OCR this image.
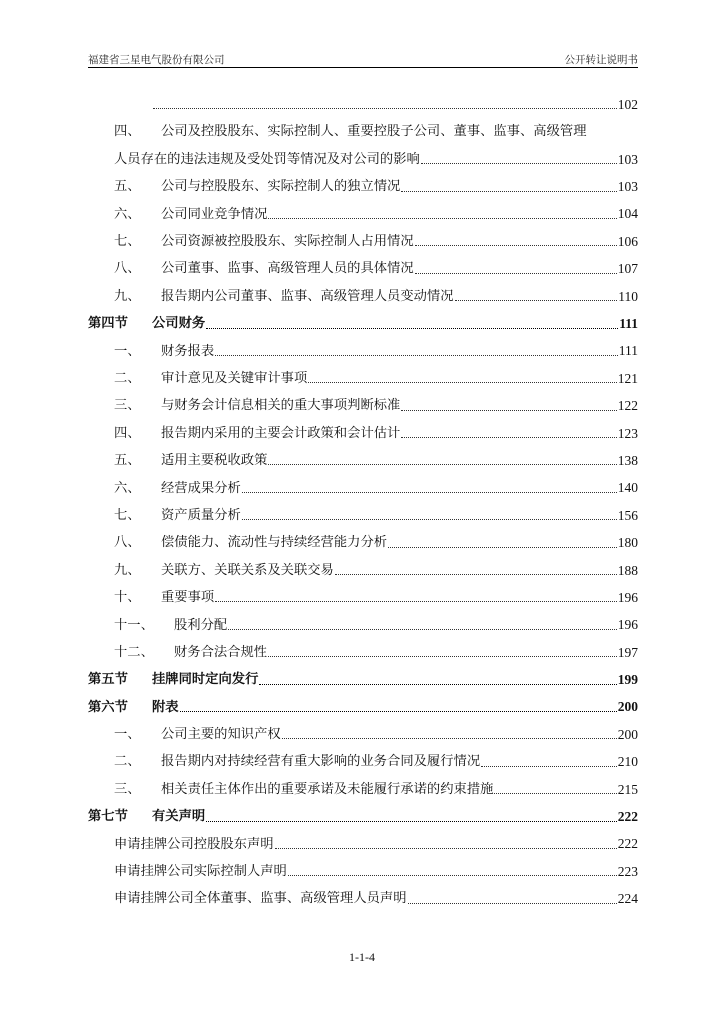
福建省三星电气股份有限公司	公开转让说明书
102
四、	公司及控股股东、实际控制人、重要控股子公司、董事、监事、高级管理
人员存在的违法违规及受处罚等情况及对公司的影响	103
五、	公司与控股股东、实际控制人的独立情况	103
六、	公司同业竞争情况	104
七、	公司资源被控股股东、实际控制人占用情况	106
八、	公司董事、监事、高级管理人员的具体情况	107
九、	报告期内公司董事、监事、高级管理人员变动情况	110
第四节	公司财务	111
一、	财务报表	111
二、	审计意见及关键审计事项	121
三、	与财务会计信息相关的重大事项判断标准	122
四、	报告期内采用的主要会计政策和会计估计	123
五、	适用主要税收政策	138
六、	经营成果分析	140
七、	资产质量分析	156
八、	偿债能力、流动性与持续经营能力分析	180
九、	关联方、关联关系及关联交易	188
十、	重要事项	196
十一、	股利分配	196
十二、	财务合法合规性	197
第五节	挂牌同时定向发行	199
第六节	附表	200
一、	公司主要的知识产权	200
二、	报告期内对持续经营有重大影响的业务合同及履行情况	210
三、	相关责任主体作出的重要承诺及未能履行承诺的约束措施	215
第七节	有关声明	222
申请挂牌公司控股股东声明	222
申请挂牌公司实际控制人声明	223
申请挂牌公司全体董事、监事、高级管理人员声明	224
1-1-4
